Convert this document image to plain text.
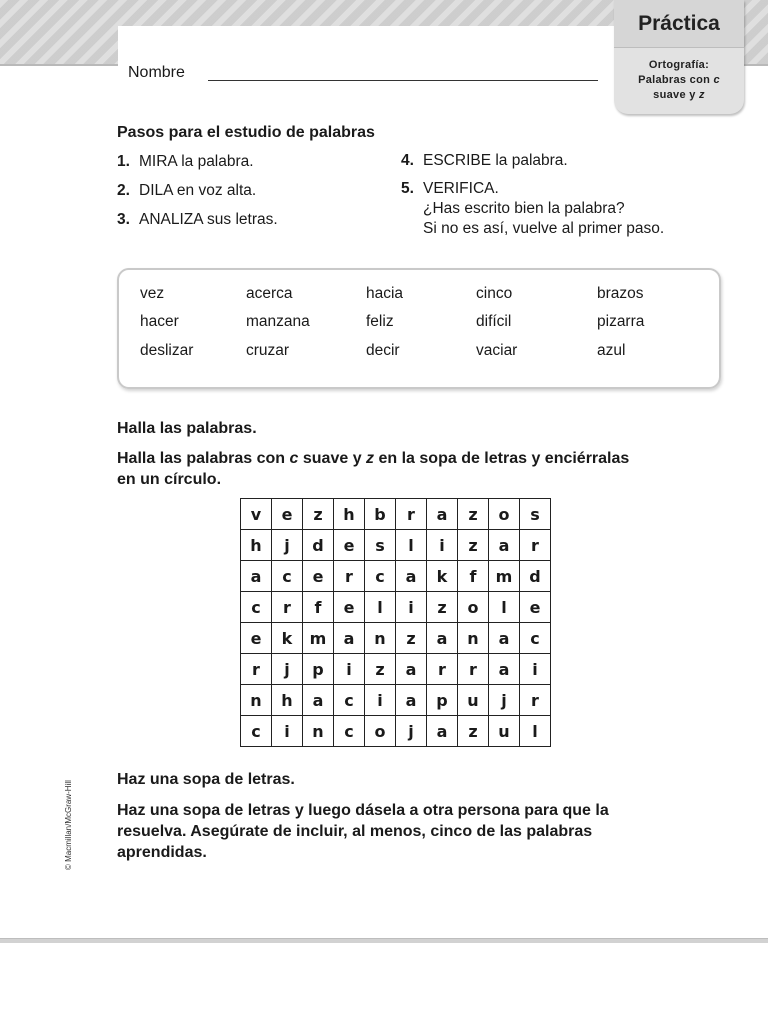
Práctica
Ortografía:
Palabras con c
suave y z
Nombre
Pasos para el estudio de palabras
1. MIRA la palabra.
2. DILA en voz alta.
3. ANALIZA sus letras.
4. ESCRIBE la palabra.
5. VERIFICA.
¿Has escrito bien la palabra?
Si no es así, vuelve al primer paso.
vez	acerca	hacia	cinco	brazos
hacer	manzana	feliz	difícil	pizarra
deslizar	cruzar	decir	vaciar	azul
Halla las palabras.
Halla las palabras con c suave y z en la sopa de letras y enciérralas
en un círculo.
v	e	z	h	b	r	a	z	o	s
h	j	d	e	s	l	i	z	a	r
a	c	e	r	c	a	k	f	m	d
c	r	f	e	l	i	z	o	l	e
e	k	m	a	n	z	a	n	a	c
r	j	p	i	z	a	r	r	a	i
n	h	a	c	i	a	p	u	j	r
c	i	n	c	o	j	a	z	u	l
Haz una sopa de letras.
Haz una sopa de letras y luego dásela a otra persona para que la
resuelva. Asegúrate de incluir, al menos, cinco de las palabras
aprendidas.
© Macmillan/McGraw-Hill
